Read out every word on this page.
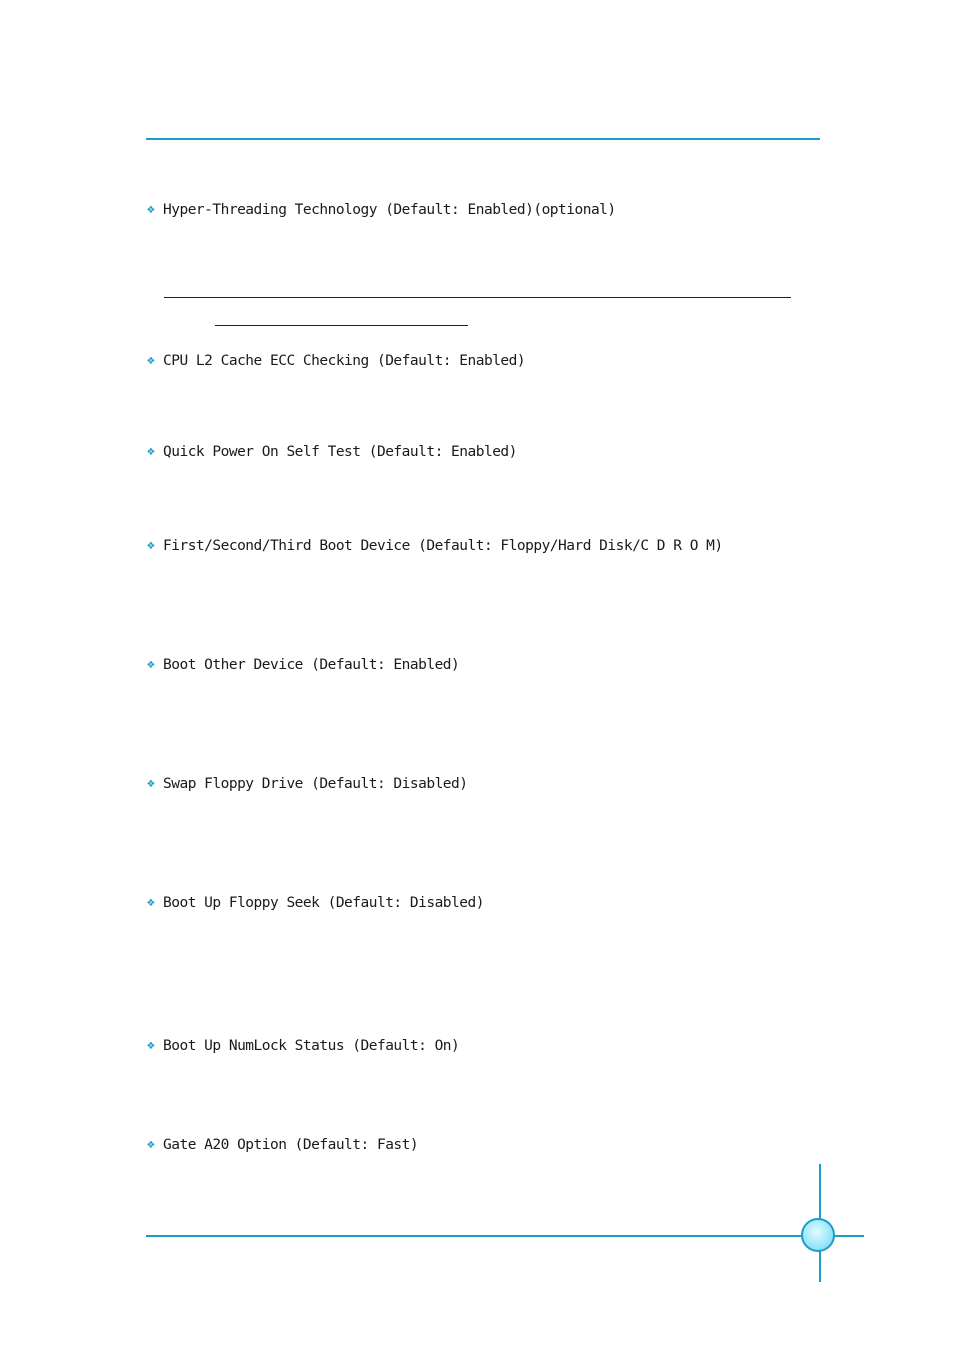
❖ Hyper-Threading Technology (Default: Enabled)(optional)
❖ CPU L2 Cache ECC Checking (Default: Enabled)
❖ Quick Power On Self Test (Default: Enabled)
❖ First/Second/Third Boot Device (Default: Floppy/Hard Disk/C D R O M)
❖ Boot Other Device (Default: Enabled)
❖ Swap Floppy Drive (Default: Disabled)
❖ Boot Up Floppy Seek (Default: Disabled)
❖ Boot Up NumLock Status (Default: On)
❖ Gate A20 Option (Default: Fast)
